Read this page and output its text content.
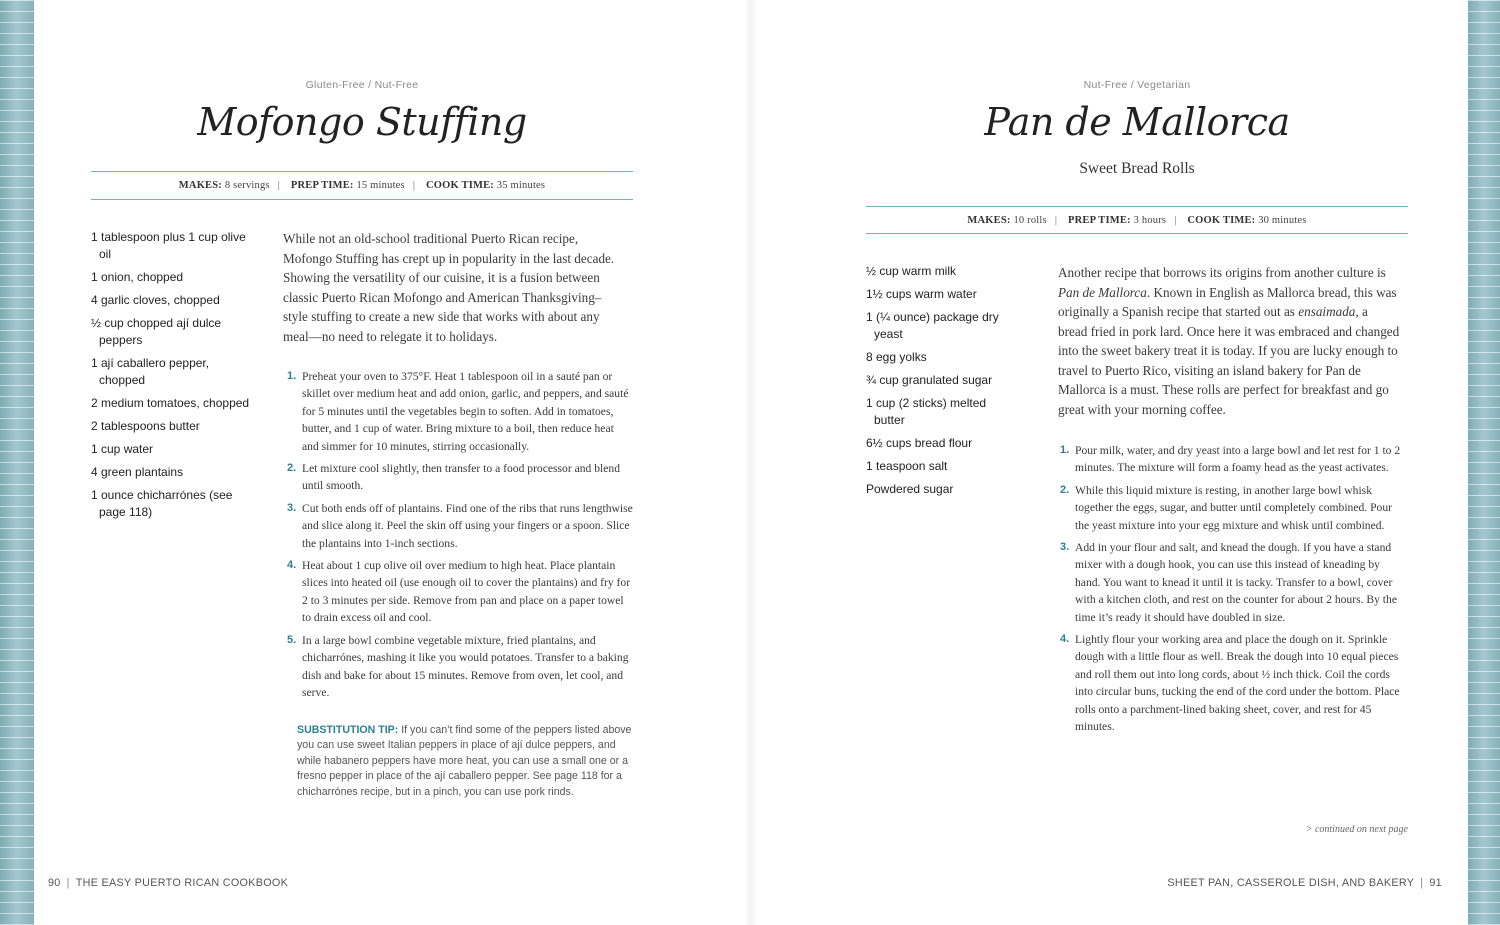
Gluten-Free / Nut-Free
Mofongo Stuffing
MAKES: 8 servings | PREP TIME: 15 minutes | COOK TIME: 35 minutes
1 tablespoon plus 1 cup olive oil
1 onion, chopped
4 garlic cloves, chopped
½ cup chopped ají dulce peppers
1 ají caballero pepper, chopped
2 medium tomatoes, chopped
2 tablespoons butter
1 cup water
4 green plantains
1 ounce chicharrónes (see page 118)
While not an old-school traditional Puerto Rican recipe, Mofongo Stuffing has crept up in popularity in the last decade. Showing the versatility of our cuisine, it is a fusion between classic Puerto Rican Mofongo and American Thanksgiving–style stuffing to create a new side that works with about any meal—no need to relegate it to holidays.
1. Preheat your oven to 375°F. Heat 1 tablespoon oil in a sauté pan or skillet over medium heat and add onion, garlic, and peppers, and sauté for 5 minutes until the vegetables begin to soften. Add in tomatoes, butter, and 1 cup of water. Bring mixture to a boil, then reduce heat and simmer for 10 minutes, stirring occasionally.
2. Let mixture cool slightly, then transfer to a food processor and blend until smooth.
3. Cut both ends off of plantains. Find one of the ribs that runs lengthwise and slice along it. Peel the skin off using your fingers or a spoon. Slice the plantains into 1-inch sections.
4. Heat about 1 cup olive oil over medium to high heat. Place plantain slices into heated oil (use enough oil to cover the plantains) and fry for 2 to 3 minutes per side. Remove from pan and place on a paper towel to drain excess oil and cool.
5. In a large bowl combine vegetable mixture, fried plantains, and chicharrónes, mashing it like you would potatoes. Transfer to a baking dish and bake for about 15 minutes. Remove from oven, let cool, and serve.
SUBSTITUTION TIP: If you can’t find some of the peppers listed above you can use sweet Italian peppers in place of ají dulce peppers, and while habanero peppers have more heat, you can use a small one or a fresno pepper in place of the ají caballero pepper. See page 118 for a chicharrónes recipe, but in a pinch, you can use pork rinds.
90 | THE EASY PUERTO RICAN COOKBOOK
Nut-Free / Vegetarian
Pan de Mallorca
Sweet Bread Rolls
MAKES: 10 rolls | PREP TIME: 3 hours | COOK TIME: 30 minutes
½ cup warm milk
1½ cups warm water
1 (¼ ounce) package dry yeast
8 egg yolks
¾ cup granulated sugar
1 cup (2 sticks) melted butter
6½ cups bread flour
1 teaspoon salt
Powdered sugar
Another recipe that borrows its origins from another culture is Pan de Mallorca. Known in English as Mallorca bread, this was originally a Spanish recipe that started out as ensaimada, a bread fried in pork lard. Once here it was embraced and changed into the sweet bakery treat it is today. If you are lucky enough to travel to Puerto Rico, visiting an island bakery for Pan de Mallorca is a must. These rolls are perfect for breakfast and go great with your morning coffee.
1. Pour milk, water, and dry yeast into a large bowl and let rest for 1 to 2 minutes. The mixture will form a foamy head as the yeast activates.
2. While this liquid mixture is resting, in another large bowl whisk together the eggs, sugar, and butter until completely combined. Pour the yeast mixture into your egg mixture and whisk until combined.
3. Add in your flour and salt, and knead the dough. If you have a stand mixer with a dough hook, you can use this instead of kneading by hand. You want to knead it until it is tacky. Transfer to a bowl, cover with a kitchen cloth, and rest on the counter for about 2 hours. By the time it’s ready it should have doubled in size.
4. Lightly flour your working area and place the dough on it. Sprinkle dough with a little flour as well. Break the dough into 10 equal pieces and roll them out into long cords, about ½ inch thick. Coil the cords into circular buns, tucking the end of the cord under the bottom. Place rolls onto a parchment-lined baking sheet, cover, and rest for 45 minutes.
> continued on next page
SHEET PAN, CASSEROLE DISH, AND BAKERY | 91
